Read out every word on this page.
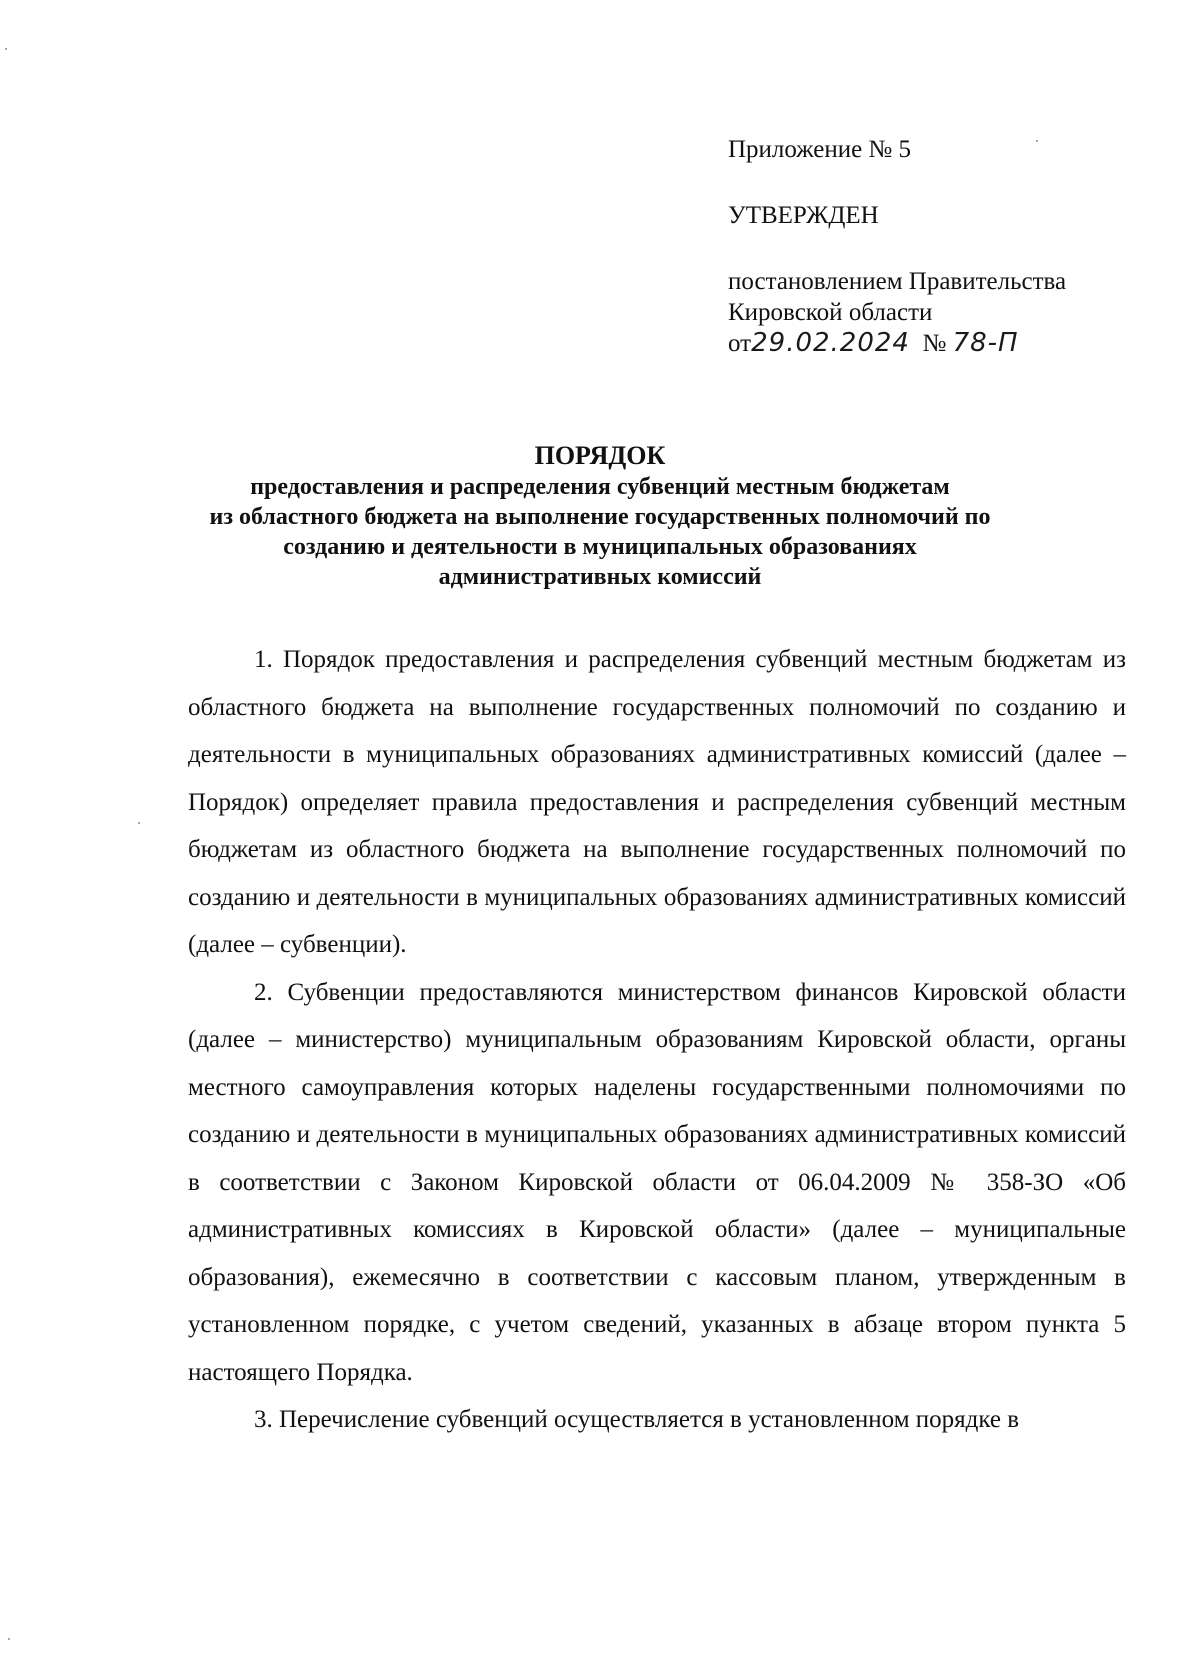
Приложение № 5
УТВЕРЖДЕН
постановлением Правительства
Кировской области
от29.02.2024 № 78-П
ПОРЯДОК
предоставления и распределения субвенций местным бюджетам
из областного бюджета на выполнение государственных полномочий по
созданию и деятельности в муниципальных образованиях
административных комиссий

1. Порядок предоставления и распределения субвенций местным бюджетам из областного бюджета на выполнение государственных полномочий по созданию и деятельности в муниципальных образованиях административных комиссий (далее – Порядок) определяет правила предоставления и распределения субвенций местным бюджетам из областного бюджета на выполнение государственных полномочий по созданию и деятельности в муниципальных образованиях административных комиссий (далее – субвенции).

2. Субвенции предоставляются министерством финансов Кировской области (далее – министерство) муниципальным образованиям Кировской области, органы местного самоуправления которых наделены государственными полномочиями по созданию и деятельности в муниципальных образованиях административных комиссий в соответствии с Законом Кировской области от 06.04.2009 № 358-ЗО «Об административных комиссиях в Кировской области» (далее – муниципальные образования), ежемесячно в соответствии с кассовым планом, утвержденным в установленном порядке, с учетом сведений, указанных в абзаце втором пункта 5 настоящего Порядка.

3. Перечисление субвенций осуществляется в установленном порядке в
